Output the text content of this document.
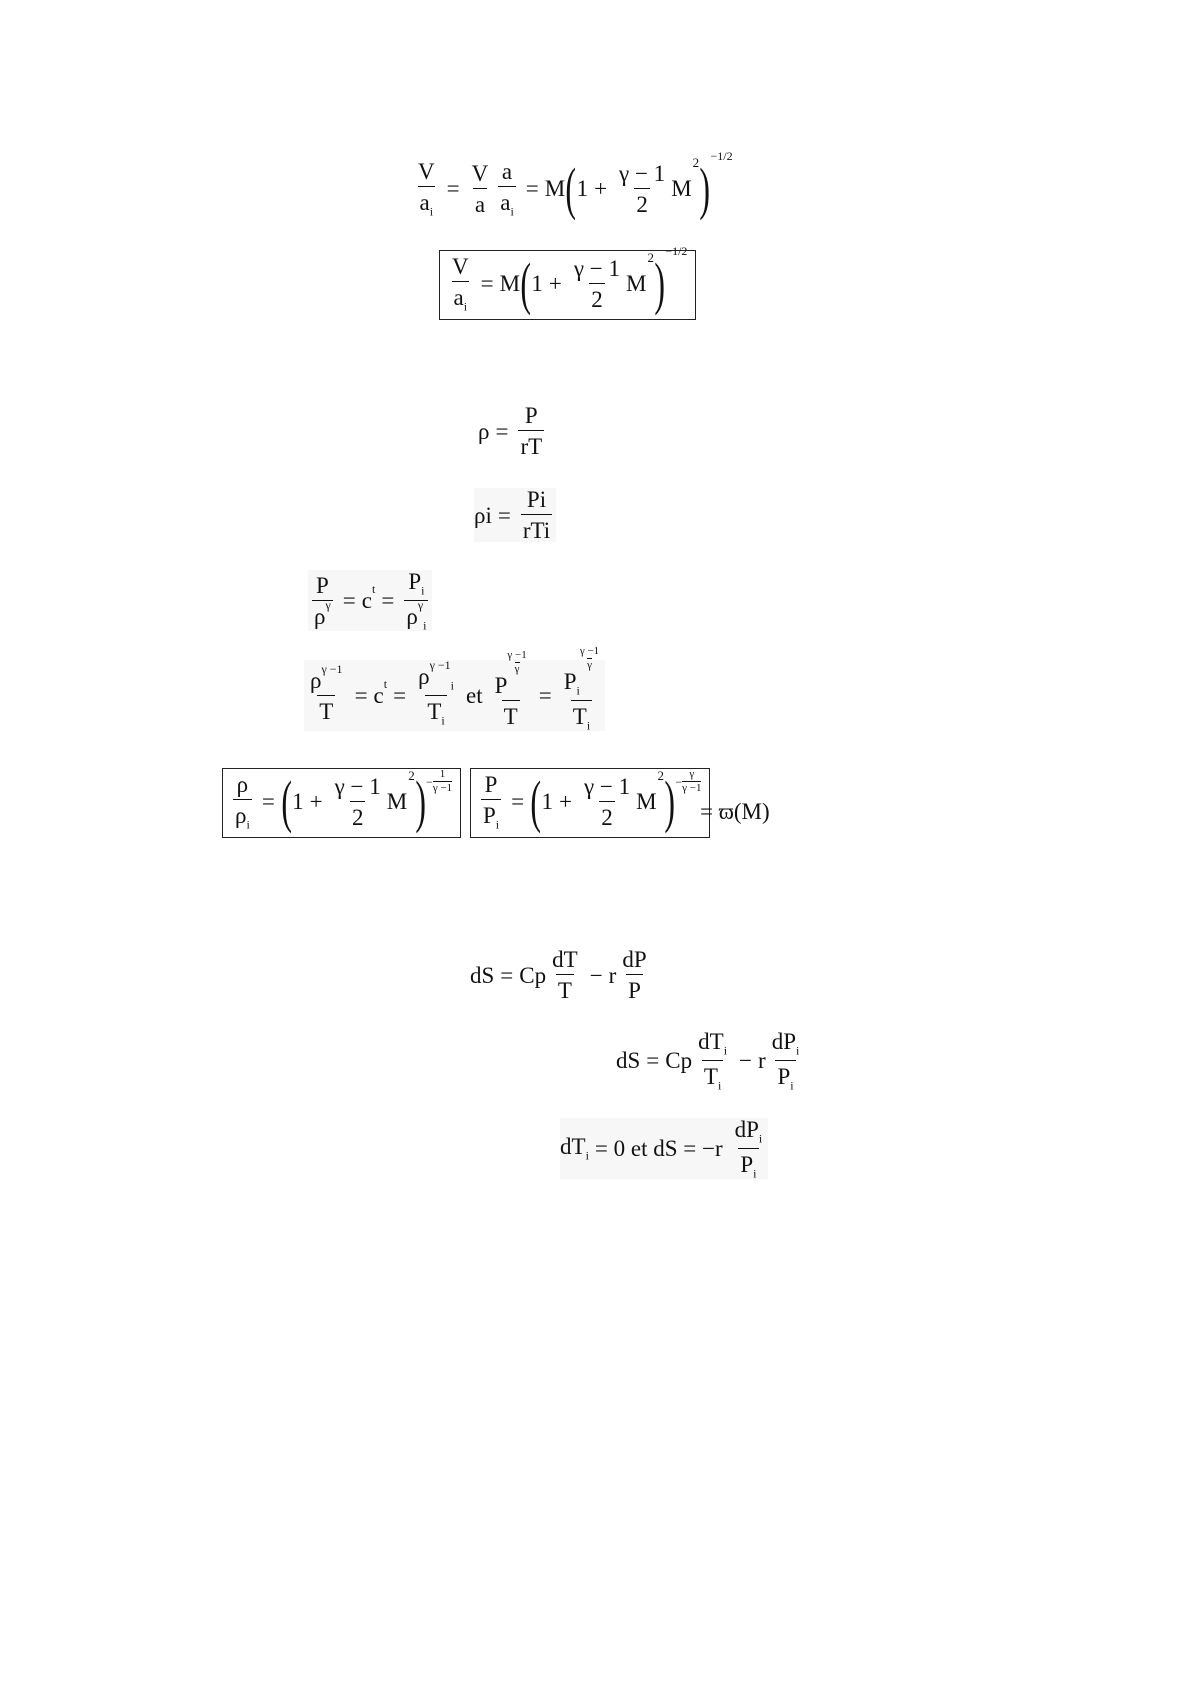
$\frac{V}{a_i} = \frac{V}{a} \frac{a}{a_i} = M$ ( $1 + \frac{\gamma - 1}{2}$ M
2 ) −1/2
$\frac{V}{a_i} = M$ ( $1 + \frac{\gamma - 1}{2}$ M
2 ) −1/2
$\rho = \frac{P}{rT}$
$\rho i = \frac{Pi}{\text{rTi}}$
$\frac{P}{\rho^\gamma} = c^t = \frac{P_i}{\rho^\gamma_i}$
$\frac{\rho^{\gamma -1}}{T} = c^t = \frac{\rho^{\gamma -1}_i}{T_i}$ et P
$\frac{\gamma -1}{\gamma}$
$T = P_i$
$\frac{\gamma -1}{\gamma}$
$T_i$
$\frac{\rho}{\rho_i}$ = ( $1 + \frac{\gamma - 1}{2}$ M
2 ) − $\frac{1}{\gamma -1} \frac{P}{P_i}$ = ( $1 + \frac{\gamma - 1}{2}$ M
2 ) − $\frac{\gamma}{\gamma -1}$
= ϖ(M)
dS = Cp $\frac{dT}{T} - r \frac{dP}{P}$
dS = Cp $\frac{dT_i}{T_i} - r \frac{dP_i}{P_i}$
$dT_i = 0$ et dS = $-r \frac{dP_i}{P_i}$
